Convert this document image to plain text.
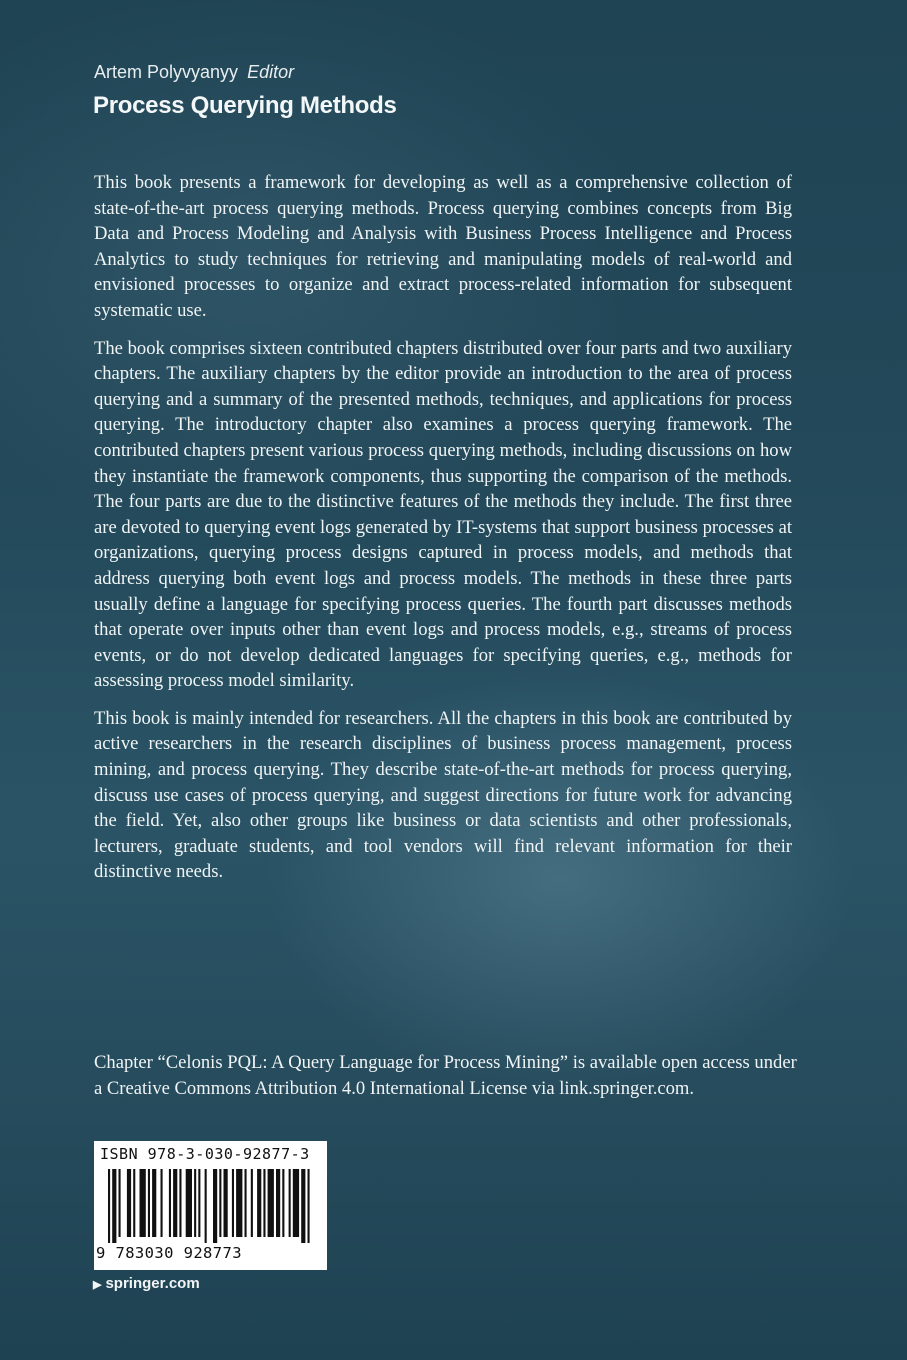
Artem Polyvyanyy Editor
Process Querying Methods

This book presents a framework for developing as well as a comprehensive collection of state-of-the-art process querying methods. Process querying combines concepts from Big Data and Process Modeling and Analysis with Business Process Intelligence and Process Analytics to study techniques for retrieving and manipulating models of real-world and envisioned processes to organize and extract process-related information for subsequent systematic use.

The book comprises sixteen contributed chapters distributed over four parts and two auxiliary chapters. The auxiliary chapters by the editor provide an introduction to the area of process querying and a summary of the presented methods, techniques, and applications for process querying. The introductory chapter also examines a process querying framework. The contributed chapters present various process querying methods, including discussions on how they instantiate the framework components, thus supporting the comparison of the methods. The four parts are due to the distinctive features of the methods they include. The first three are devoted to querying event logs generated by IT-systems that support business processes at organizations, querying process designs captured in process models, and methods that address querying both event logs and process models. The methods in these three parts usually define a language for specifying process queries. The fourth part discusses methods that operate over inputs other than event logs and process models, e.g., streams of process events, or do not develop dedicated languages for specifying queries, e.g., methods for assessing process model similarity.

This book is mainly intended for researchers. All the chapters in this book are contributed by active researchers in the research disciplines of business process management, process mining, and process querying. They describe state-of-the-art methods for process querying, discuss use cases of process querying, and suggest directions for future work for advancing the field. Yet, also other groups like business or data scientists and other professionals, lecturers, graduate students, and tool vendors will find relevant information for their distinctive needs.

Chapter “Celonis PQL: A Query Language for Process Mining” is available open access under a Creative Commons Attribution 4.0 International License via link.springer.com.

ISBN 978-3-030-92877-3
9 783030 928773
▶ springer.com
